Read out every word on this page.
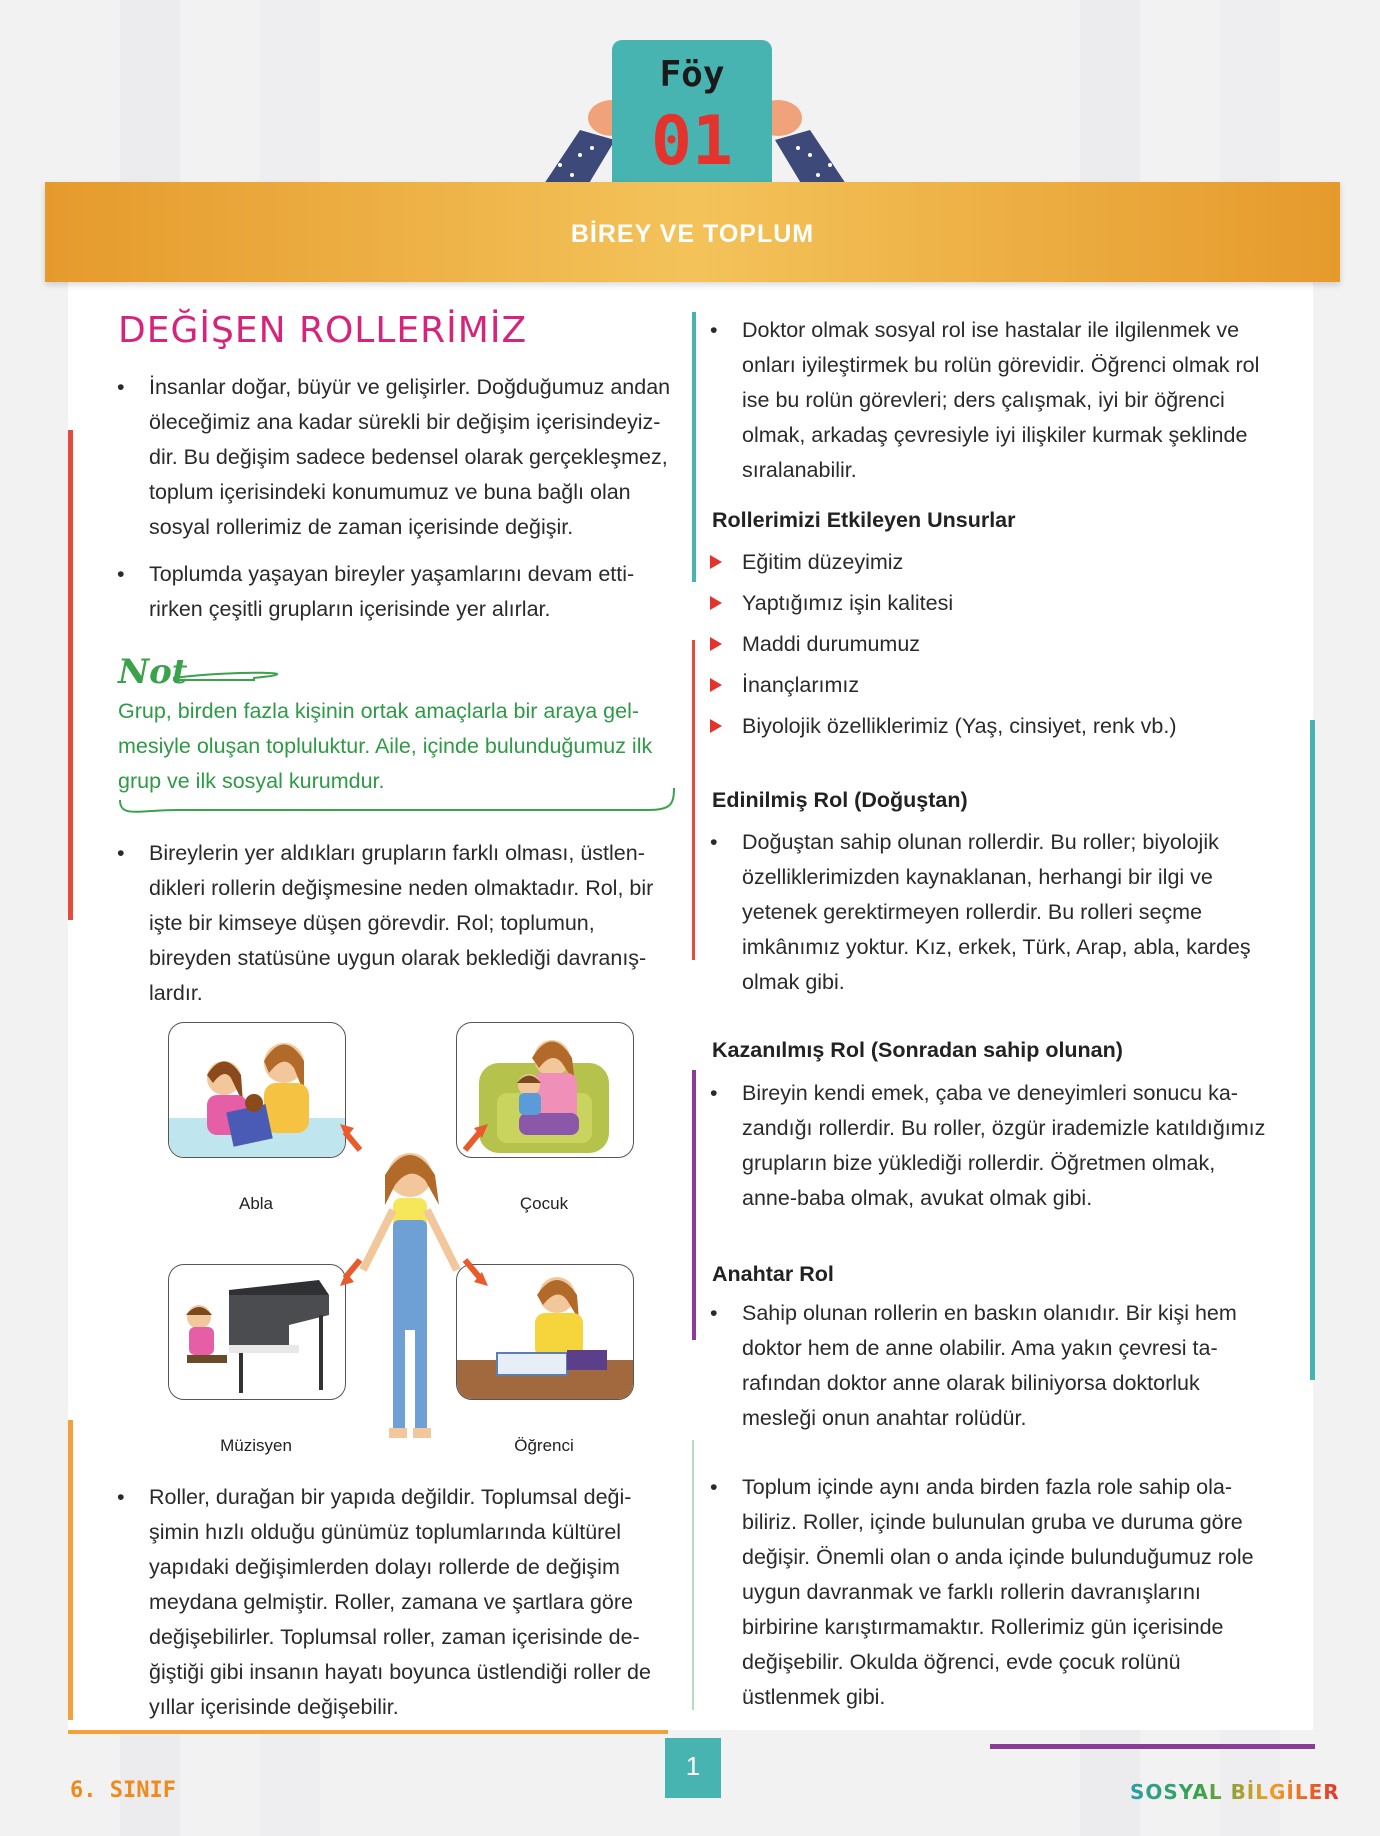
Föy
01
BİREY VE TOPLUM
DEĞİŞEN ROLLERİMİZ
• İnsanlar doğar, büyür ve gelişirler. Doğduğumuz andan öleceğimiz ana kadar sürekli bir değişim içerisindeyizdir. Bu değişim sadece bedensel olarak gerçekleşmez, toplum içerisindeki konumumuz ve buna bağlı olan sosyal rollerimiz de zaman içerisinde değişir.
• Toplumda yaşayan bireyler yaşamlarını devam ettirirken çeşitli grupların içerisinde yer alırlar.
Not
Grup, birden fazla kişinin ortak amaçlarla bir araya gelmesiyle oluşan topluluktur. Aile, içinde bulunduğumuz ilk grup ve ilk sosyal kurumdur.
• Bireylerin yer aldıkları grupların farklı olması, üstlendikleri rollerin değişmesine neden olmaktadır. Rol, bir işte bir kimseye düşen görevdir. Rol; toplumun, bireyden statüsüne uygun olarak beklediği davranışlardır.
Abla	Çocuk
Müzisyen	Öğrenci
• Roller, durağan bir yapıda değildir. Toplumsal değişimin hızlı olduğu günümüz toplumlarında kültürel yapıdaki değişimlerden dolayı rollerde de değişim meydana gelmiştir. Roller, zamana ve şartlara göre değişebilirler. Toplumsal roller, zaman içerisinde değiştiği gibi insanın hayatı boyunca üstlendiği roller de yıllar içerisinde değişebilir.
• Doktor olmak sosyal rol ise hastalar ile ilgilenmek ve onları iyileştirmek bu rolün görevidir. Öğrenci olmak rol ise bu rolün görevleri; ders çalışmak, iyi bir öğrenci olmak, arkadaş çevresiyle iyi ilişkiler kurmak şeklinde sıralanabilir.
Rollerimizi Etkileyen Unsurlar
Eğitim düzeyimiz
Yaptığımız işin kalitesi
Maddi durumumuz
İnançlarımız
Biyolojik özelliklerimiz (Yaş, cinsiyet, renk vb.)
Edinilmiş Rol (Doğuştan)
• Doğuştan sahip olunan rollerdir. Bu roller; biyolojik özelliklerimizden kaynaklanan, herhangi bir ilgi ve yetenek gerektirmeyen rollerdir. Bu rolleri seçme imkânımız yoktur. Kız, erkek, Türk, Arap, abla, kardeş olmak gibi.
Kazanılmış Rol (Sonradan sahip olunan)
• Bireyin kendi emek, çaba ve deneyimleri sonucu kazandığı rollerdir. Bu roller, özgür irademizle katıldığımız grupların bize yüklediği rollerdir. Öğretmen olmak, anne-baba olmak, avukat olmak gibi.
Anahtar Rol
• Sahip olunan rollerin en baskın olanıdır. Bir kişi hem doktor hem de anne olabilir. Ama yakın çevresi tarafından doktor anne olarak biliniyorsa doktorluk mesleği onun anahtar rolüdür.
• Toplum içinde aynı anda birden fazla role sahip olabiliriz. Roller, içinde bulunulan gruba ve duruma göre değişir. Önemli olan o anda içinde bulunduğumuz role uygun davranmak ve farklı rollerin davranışlarını birbirine karıştırmamaktır. Rollerimiz gün içerisinde değişebilir. Okulda öğrenci, evde çocuk rolünü üstlenmek gibi.
6. SINIF
1
SOSYAL BİLGİLER
